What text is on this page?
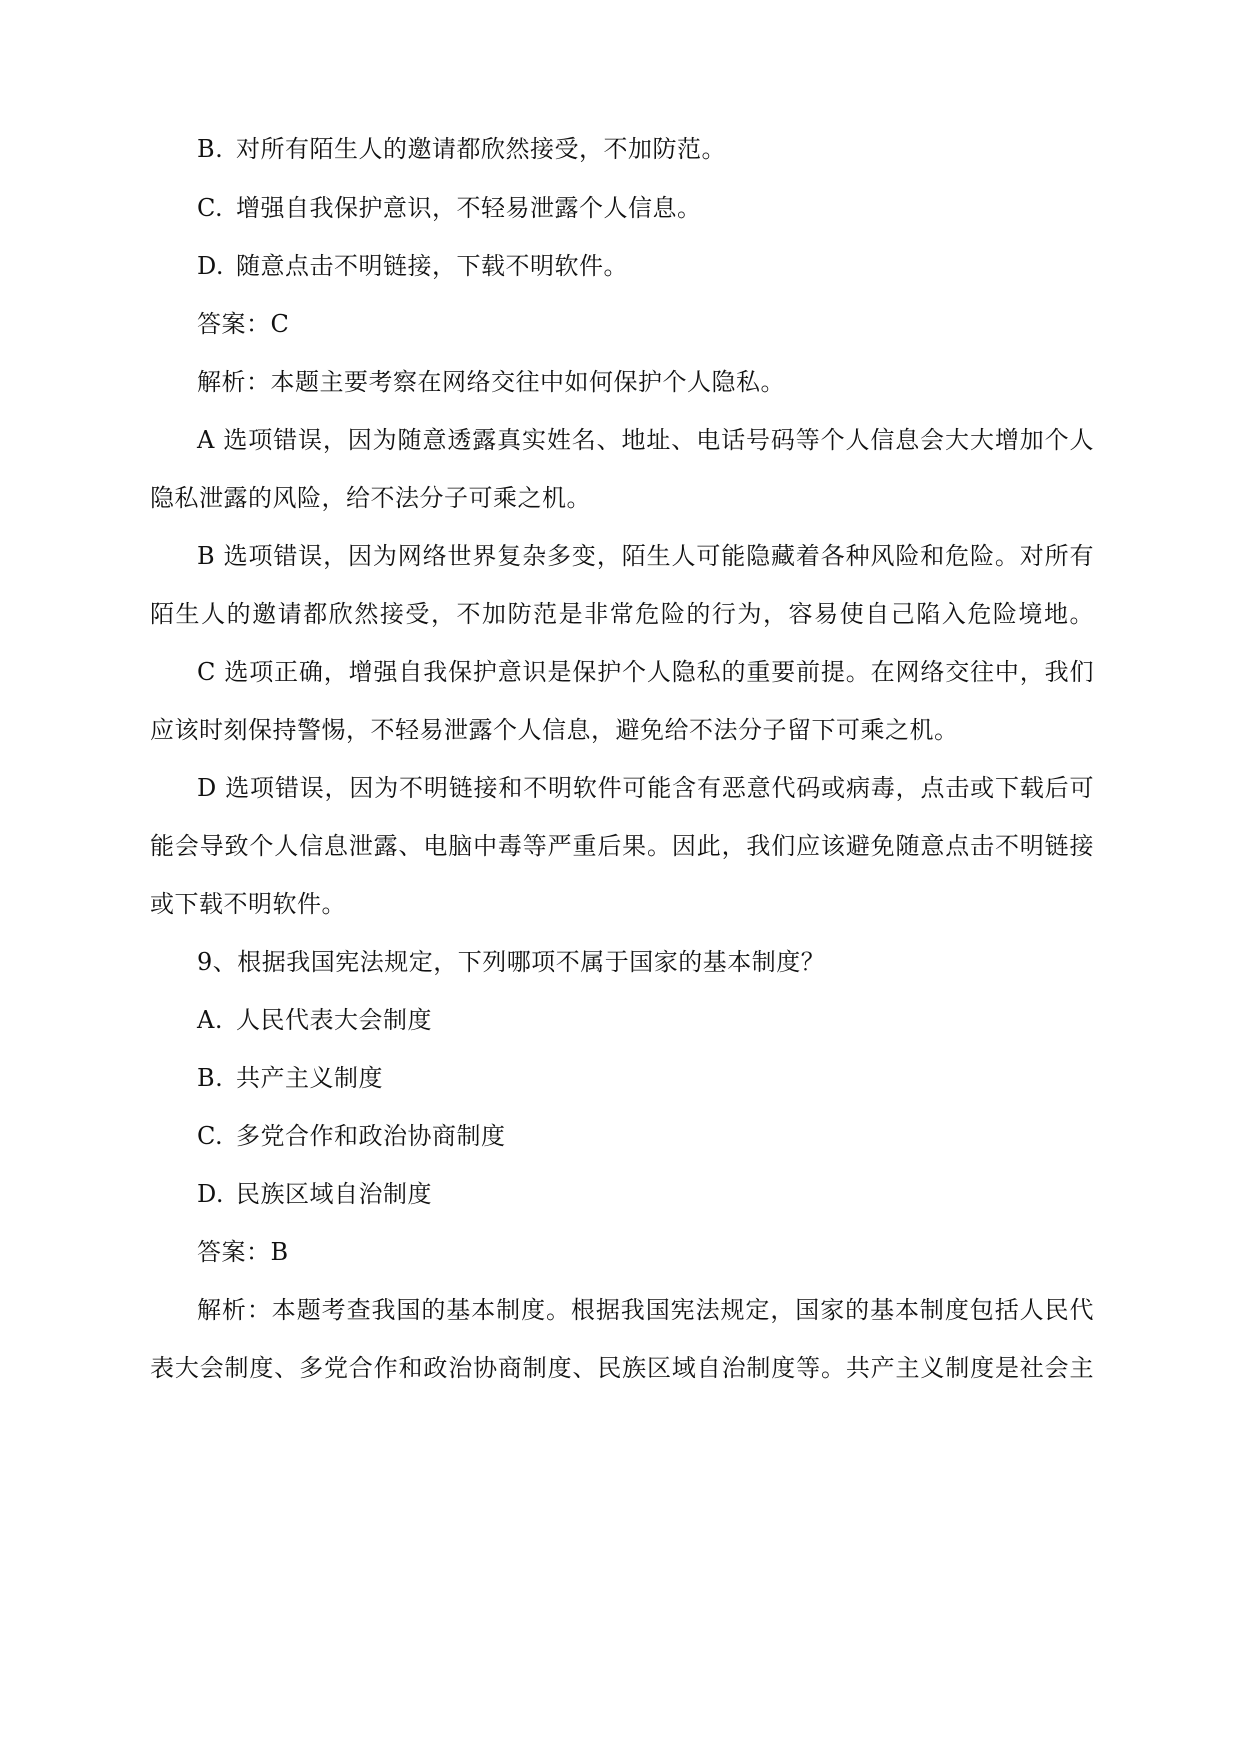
B. 对所有陌生人的邀请都欣然接受，不加防范。
C. 增强自我保护意识，不轻易泄露个人信息。
D. 随意点击不明链接，下载不明软件。
答案：C
解析：本题主要考察在网络交往中如何保护个人隐私。
A 选项错误，因为随意透露真实姓名、地址、电话号码等个人信息会大大增加个人
隐私泄露的风险，给不法分子可乘之机。
B 选项错误，因为网络世界复杂多变，陌生人可能隐藏着各种风险和危险。对所有
陌生人的邀请都欣然接受，不加防范是非常危险的行为，容易使自己陷入危险境地。
C 选项正确，增强自我保护意识是保护个人隐私的重要前提。在网络交往中，我们
应该时刻保持警惕，不轻易泄露个人信息，避免给不法分子留下可乘之机。
D 选项错误，因为不明链接和不明软件可能含有恶意代码或病毒，点击或下载后可
能会导致个人信息泄露、电脑中毒等严重后果。因此，我们应该避免随意点击不明链接
或下载不明软件。
9、根据我国宪法规定，下列哪项不属于国家的基本制度？
A. 人民代表大会制度
B. 共产主义制度
C. 多党合作和政治协商制度
D. 民族区域自治制度
答案：B
解析：本题考查我国的基本制度。根据我国宪法规定，国家的基本制度包括人民代
表大会制度、多党合作和政治协商制度、民族区域自治制度等。共产主义制度是社会主
